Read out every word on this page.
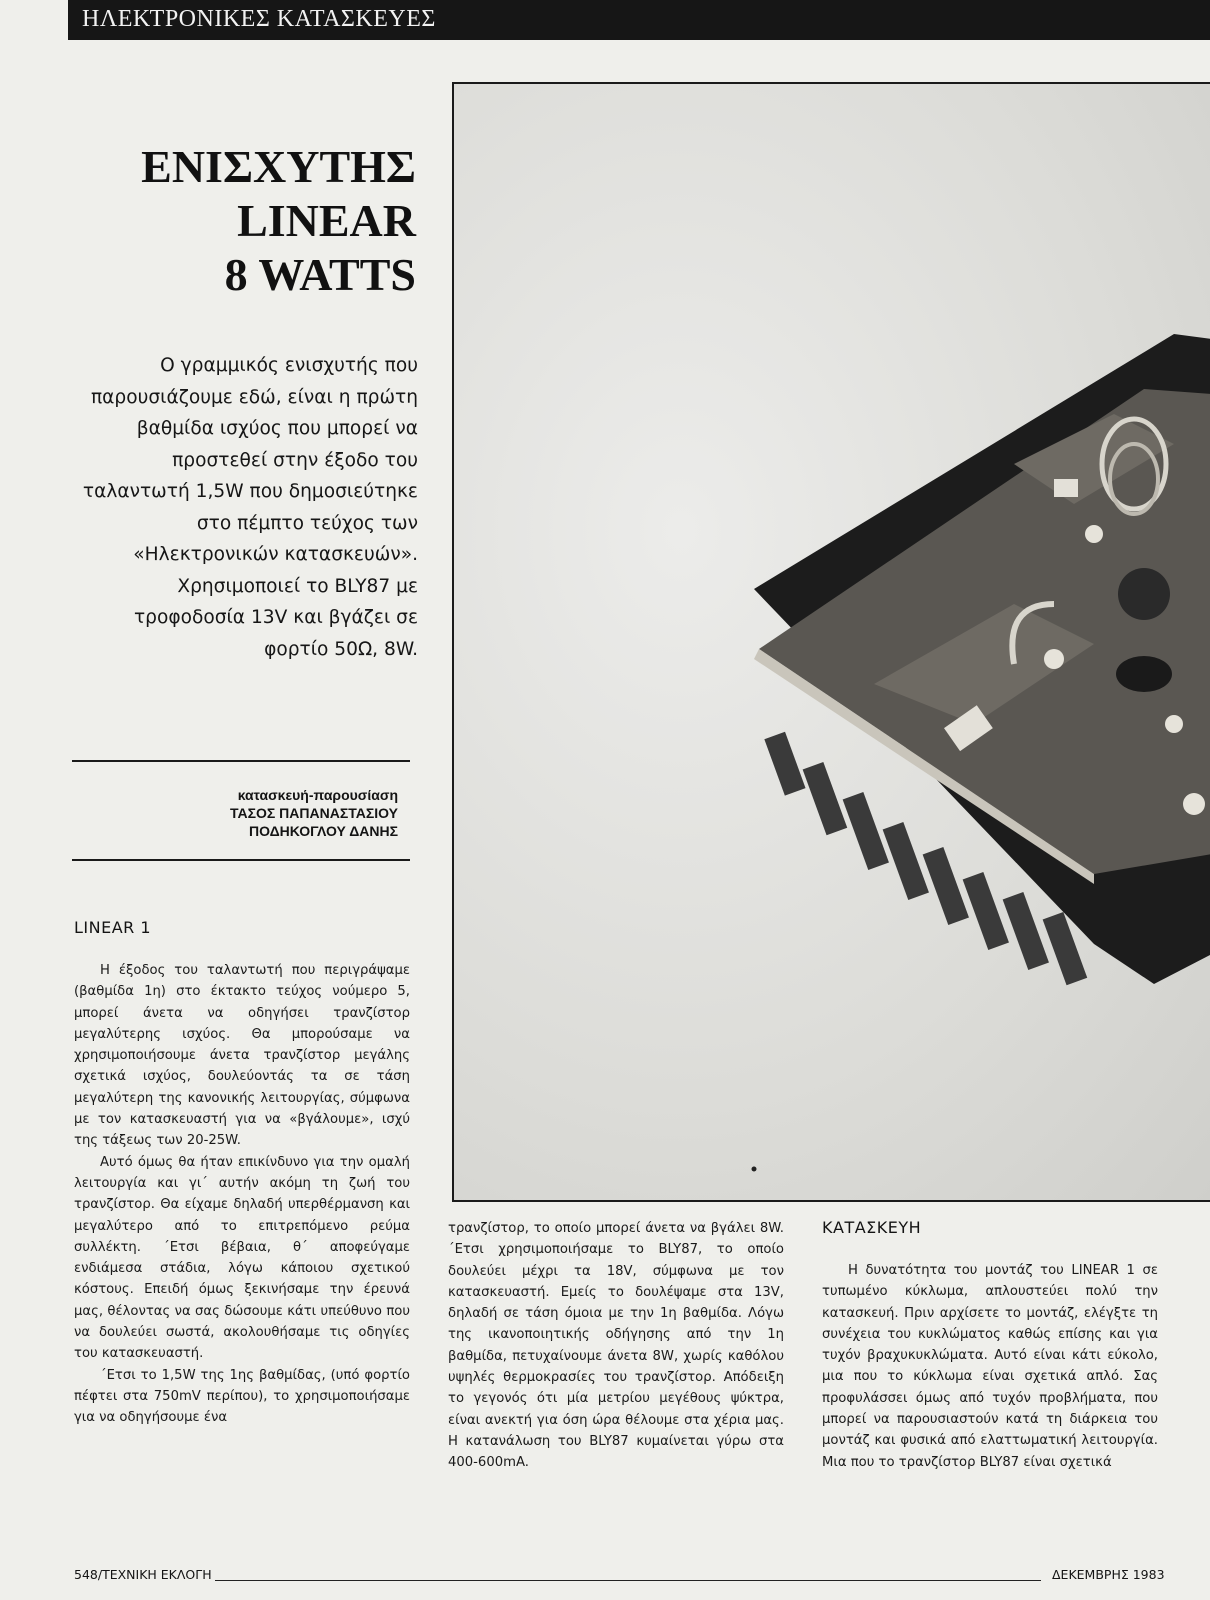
ΗΛΕΚΤΡΟΝΙΚΕΣ ΚΑΤΑΣΚΕΥΕΣ
ΕΝΙΣΧΥΤΗΣ
LINEAR
8 WATTS
Ο γραμμικός ενισχυτής που παρουσιάζουμε εδώ, είναι η πρώτη βαθμίδα ισχύος που μπορεί να προστεθεί στην έξοδο του ταλαντωτή 1,5W που δημοσιεύτηκε στο πέμπτο τεύχος των «Ηλεκτρονικών κατασκευών». Χρησιμοποιεί το BLY87 με τροφοδοσία 13V και βγάζει σε φορτίο 50Ω, 8W.
κατασκευή-παρουσίαση
ΤΑΣΟΣ ΠΑΠΑΝΑΣΤΑΣΙΟΥ
ΠΟΔΗΚΟΓΛΟΥ ΔΑΝΗΣ
LINEAR 1

Η έξοδος του ταλαντωτή που περιγράψαμε (βαθμίδα 1η) στο έκτακτο τεύχος νούμερο 5, μπορεί άνετα να οδηγήσει τρανζίστορ μεγαλύτερης ισχύος. Θα μπορούσαμε να χρησιμοποιήσουμε άνετα τρανζίστορ μεγάλης σχετικά ισχύος, δουλεύοντάς τα σε τάση μεγαλύτερη της κανονικής λειτουργίας, σύμφωνα με τον κατασκευαστή για να «βγάλουμε», ισχύ της τάξεως των 20-25W.

Αυτό όμως θα ήταν επικίνδυνο για την ομαλή λειτουργία και γι΄ αυτήν ακόμη τη ζωή του τρανζίστορ. Θα είχαμε δηλαδή υπερθέρμανση και μεγαλύτερο από το επιτρεπόμενο ρεύμα συλλέκτη. ΄Ετσι βέβαια, θ΄ αποφεύγαμε ενδιάμεσα στάδια, λόγω κάποιου σχετικού κόστους. Επειδή όμως ξεκινήσαμε την έρευνά μας, θέλοντας να σας δώσουμε κάτι υπεύθυνο που να δουλεύει σωστά, ακολουθήσαμε τις οδηγίες του κατασκευαστή.

΄Ετσι το 1,5W της 1ης βαθμίδας, (υπό φορτίο πέφτει στα 750mV περίπου), το χρησιμοποιήσαμε για να οδηγήσουμε ένα

τρανζίστορ, το οποίο μπορεί άνετα να βγάλει 8W. ΄Ετσι χρησιμοποιήσαμε το BLY87, το οποίο δουλεύει μέχρι τα 18V, σύμφωνα με τον κατασκευαστή. Εμείς το δουλέψαμε στα 13V, δηλαδή σε τάση όμοια με την 1η βαθμίδα. Λόγω της ικανοποιητικής οδήγησης από την 1η βαθμίδα, πετυχαίνουμε άνετα 8W, χωρίς καθόλου υψηλές θερμοκρασίες του τρανζίστορ. Απόδειξη το γεγονός ότι μία μετρίου μεγέθους ψύκτρα, είναι ανεκτή για όση ώρα θέλουμε στα χέρια μας. Η κατανάλωση του BLY87 κυμαίνεται γύρω στα 400-600mA.

ΚΑΤΑΣΚΕΥΗ

Η δυνατότητα του μοντάζ του LINEAR 1 σε τυπωμένο κύκλωμα, απλουστεύει πολύ την κατασκευή. Πριν αρχίσετε το μοντάζ, ελέγξτε τη συνέχεια του κυκλώματος καθώς επίσης και για τυχόν βραχυκυκλώματα. Αυτό είναι κάτι εύκολο, μια που το κύκλωμα είναι σχετικά απλό. Σας προφυλάσσει όμως από τυχόν προβλήματα, που μπορεί να παρουσιαστούν κατά τη διάρκεια του μοντάζ και φυσικά από ελαττωματική λειτουργία. Μια που το τρανζίστορ BLY87 είναι σχετικά

548/ΤΕΧΝΙΚΗ ΕΚΛΟΓΗ	ΔΕΚΕΜΒΡΗΣ 1983
